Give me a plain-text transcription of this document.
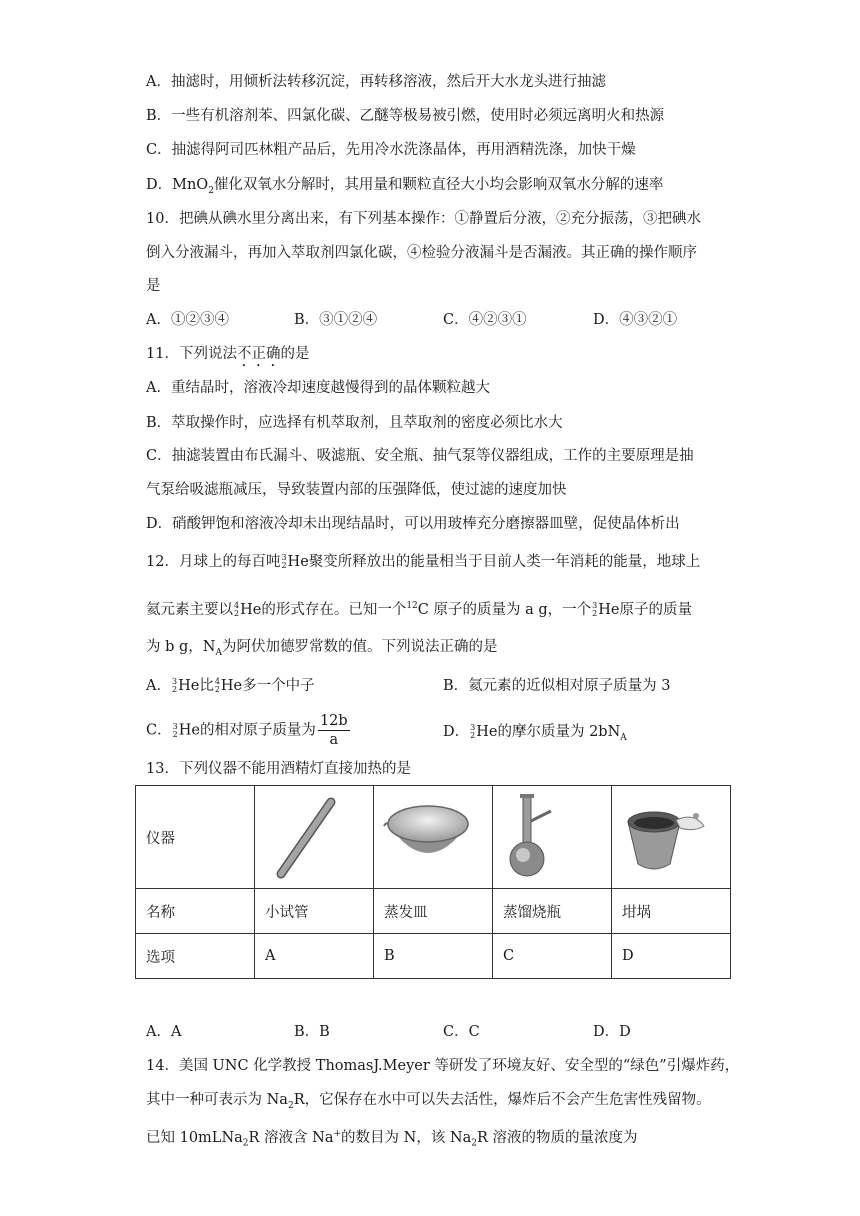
A．抽滤时，用倾析法转移沉淀，再转移溶液，然后开大水龙头进行抽滤
B．一些有机溶剂苯、四氯化碳、乙醚等极易被引燃，使用时必须远离明火和热源
C．抽滤得阿司匹林粗产品后，先用冷水洗涤晶体，再用酒精洗涤，加快干燥
D．MnO$_2$催化双氧水分解时，其用量和颗粒直径大小均会影响双氧水分解的速率
10．把碘从碘水里分离出来，有下列基本操作：①静置后分液，②充分振荡，③把碘水
倒入分液漏斗，再加入萃取剂四氯化碳，④检验分液漏斗是否漏液。其正确的操作顺序
是
A．①②③④	B．③①②④	C．④②③①	D．④③②①
11．下列说法不正确的是
A．重结晶时，溶液冷却速度越慢得到的晶体颗粒越大
B．萃取操作时，应选择有机萃取剂，且萃取剂的密度必须比水大
C．抽滤装置由布氏漏斗、吸滤瓶、安全瓶、抽气泵等仪器组成，工作的主要原理是抽
气泵给吸滤瓶减压，导致装置内部的压强降低，使过滤的速度加快
D．硝酸钾饱和溶液冷却未出现结晶时，可以用玻棒充分磨擦器皿壁，促使晶体析出
12．月球上的每百吨 3
2 He聚变所释放出的能量相当于目前人类一年消耗的能量，地球上
氦元素主要以 4
2 He的形式存在。已知一个$^{12}$C 原子的质量为 a g，一个 3
2 He原子的质量
为 b g，$N_A$为阿伏加德罗常数的值。下列说法正确的是
A． 3
2 He比 4
2 He多一个中子	B．氦元素的近似相对原子质量为 3
C． 3
2 He的相对原子质量为 $\frac{12b}{a}$	D． 3
2 He的摩尔质量为 $2bN_A$
13．下列仪器不能用酒精灯直接加热的是
仪器	

名称	小试管	蒸发皿	蒸馏烧瓶	坩埚
选项	A	B	C	D
A．A	B．B	C．C	D．D
14．美国 UNC 化学教授 ThomasJ.Meyer 等研发了环境友好、安全型的“绿色”引爆炸药，
其中一种可表示为 $Na_2R$，它保存在水中可以失去活性，爆炸后不会产生危害性残留物。
已知 10mLNa$_2$R 溶液含 Na+的数目为 N，该 $Na_2R$ 溶液的物质的量浓度为
